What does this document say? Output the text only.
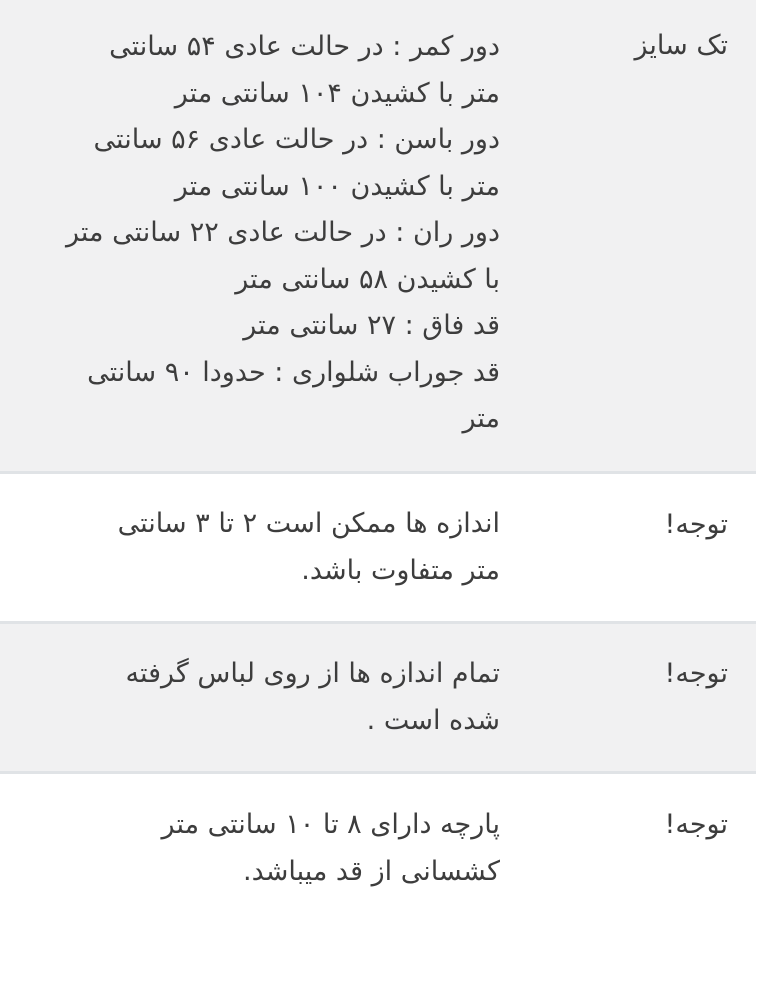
تک سایز
دور کمر : در حالت عادی ۵۴ سانتی
متر با کشیدن ۱۰۴ سانتی متر
دور باسن : در حالت عادی ۵۶ سانتی
متر با کشیدن ۱۰۰ سانتی متر
دور ران : در حالت عادی ۲۲ سانتی متر
با کشیدن ۵۸ سانتی متر
قد فاق : ۲۷ سانتی متر
قد جوراب شلواری : حدودا ۹۰ سانتی
متر
توجه!
اندازه ها ممکن است ۲ تا ۳ سانتی
متر متفاوت باشد.
توجه!
تمام اندازه ها از روی لباس گرفته
شده است .
توجه!
پارچه دارای ۸ تا ۱۰ سانتی متر
کشسانی از قد میباشد.
